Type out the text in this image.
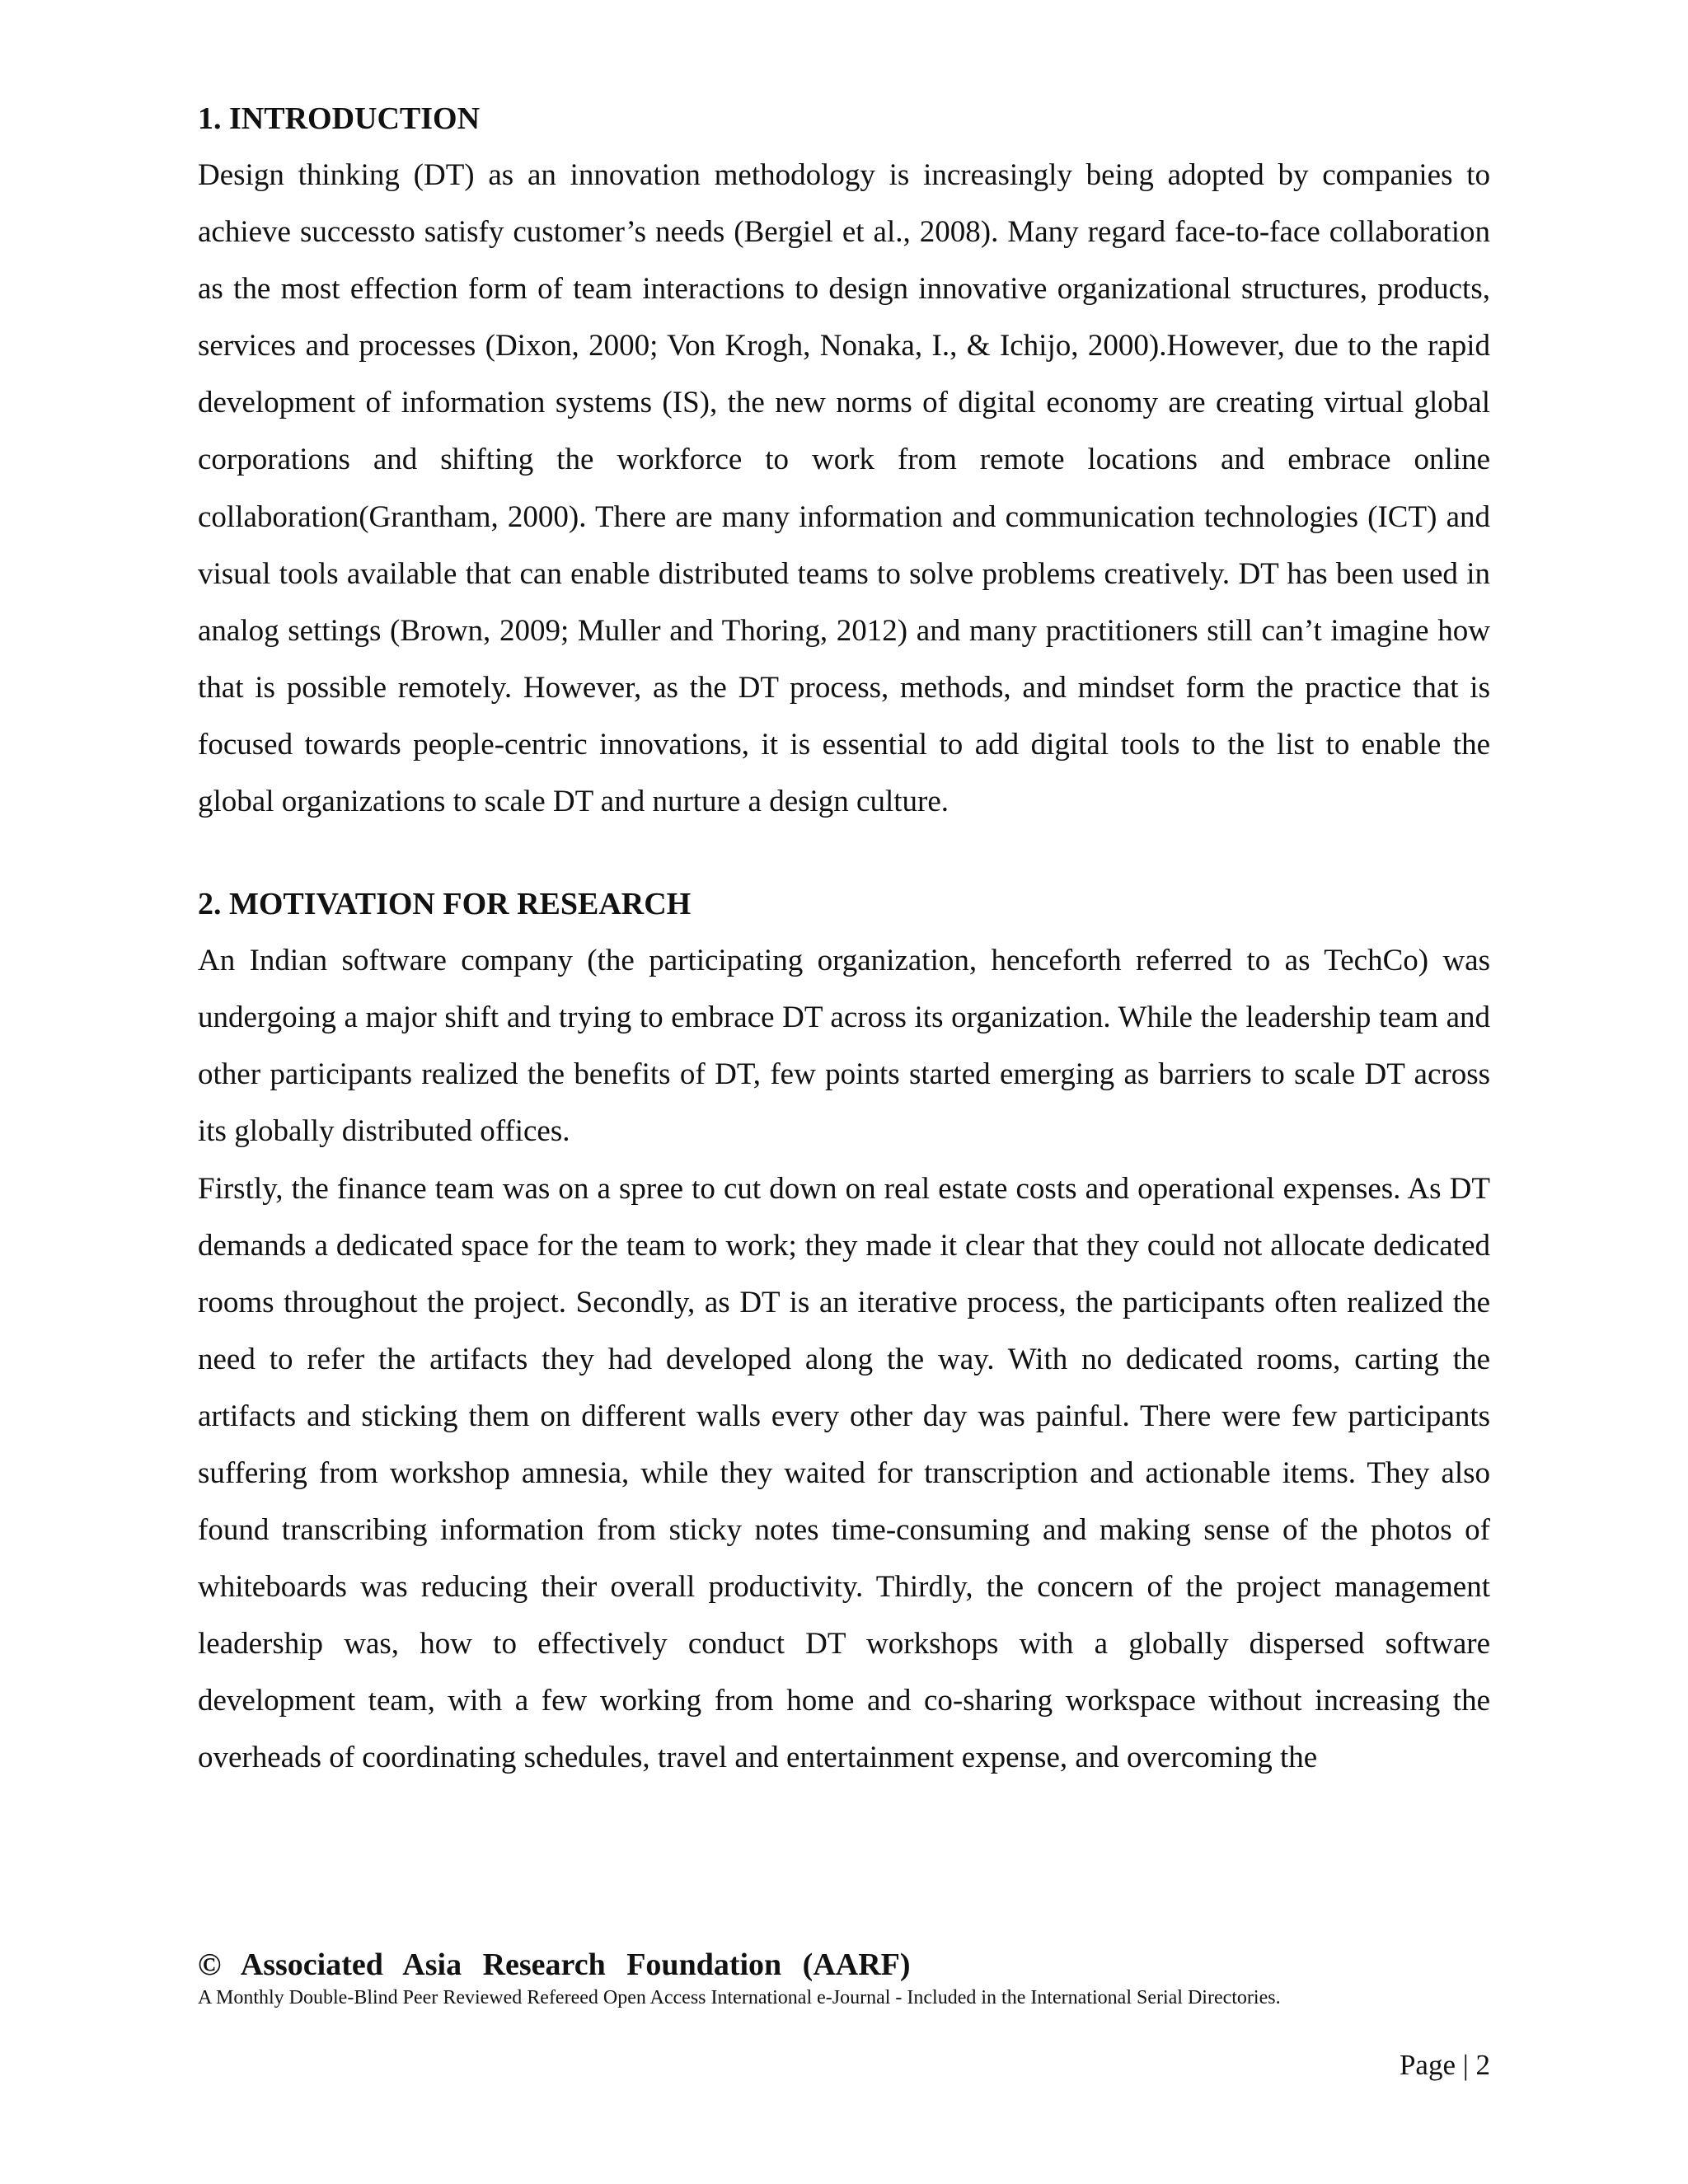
1. INTRODUCTION

Design thinking (DT) as an innovation methodology is increasingly being adopted by companies to achieve successto satisfy customer’s needs (Bergiel et al., 2008). Many regard face-to-face collaboration as the most effection form of team interactions to design innovative organizational structures, products, services and processes (Dixon, 2000; Von Krogh, Nonaka, I., & Ichijo, 2000).However, due to the rapid development of information systems (IS), the new norms of digital economy are creating virtual global corporations and shifting the workforce to work from remote locations and embrace online collaboration(Grantham, 2000). There are many information and communication technologies (ICT) and visual tools available that can enable distributed teams to solve problems creatively. DT has been used in analog settings (Brown, 2009; Muller and Thoring, 2012) and many practitioners still can’t imagine how that is possible remotely. However, as the DT process, methods, and mindset form the practice that is focused towards people-centric innovations, it is essential to add digital tools to the list to enable the global organizations to scale DT and nurture a design culture.

2. MOTIVATION FOR RESEARCH

An Indian software company (the participating organization, henceforth referred to as TechCo) was undergoing a major shift and trying to embrace DT across its organization. While the leadership team and other participants realized the benefits of DT, few points started emerging as barriers to scale DT across its globally distributed offices.

Firstly, the finance team was on a spree to cut down on real estate costs and operational expenses. As DT demands a dedicated space for the team to work; they made it clear that they could not allocate dedicated rooms throughout the project. Secondly, as DT is an iterative process, the participants often realized the need to refer the artifacts they had developed along the way. With no dedicated rooms, carting the artifacts and sticking them on different walls every other day was painful. There were few participants suffering from workshop amnesia, while they waited for transcription and actionable items. They also found transcribing information from sticky notes time-consuming and making sense of the photos of whiteboards was reducing their overall productivity. Thirdly, the concern of the project management leadership was, how to effectively conduct DT workshops with a globally dispersed software development team, with a few working from home and co-sharing workspace without increasing the overheads of coordinating schedules, travel and entertainment expense, and overcoming the

© Associated Asia Research Foundation (AARF)
A Monthly Double-Blind Peer Reviewed Refereed Open Access International e-Journal - Included in the International Serial Directories.
Page | 2
